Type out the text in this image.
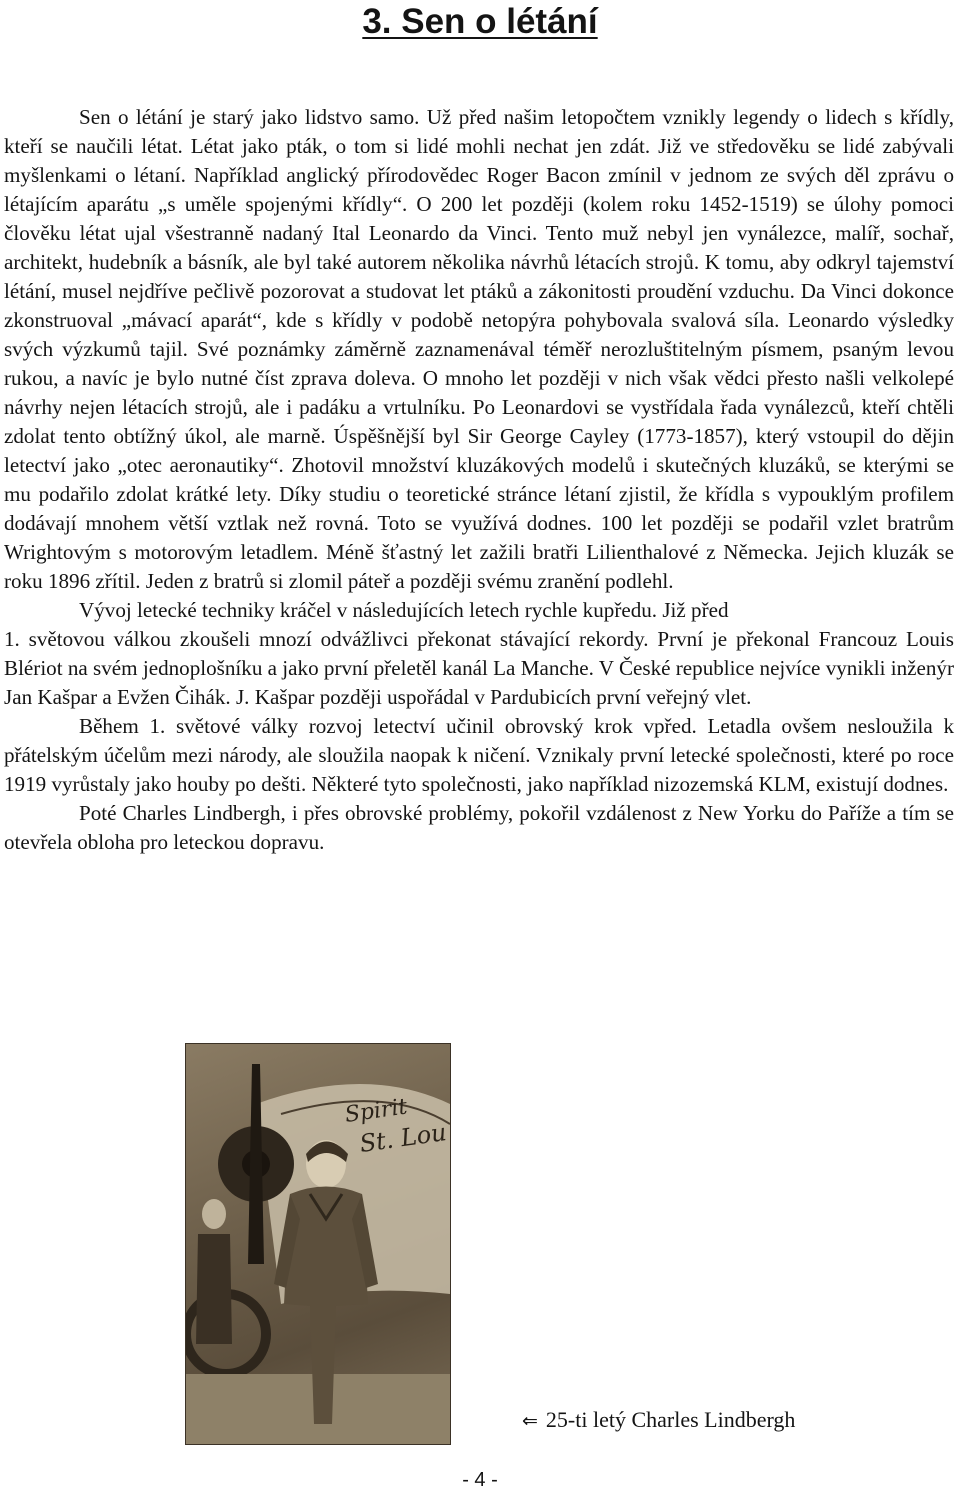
3. Sen o létání

Sen o létání je starý jako lidstvo samo. Už před našim letopočtem vznikly legendy o lidech s křídly, kteří se naučili létat. Létat jako pták, o tom si lidé mohli nechat jen zdát. Již ve středověku se lidé zabývali myšlenkami o létaní. Například anglický přírodovědec Roger Bacon zmínil v jednom ze svých děl zprávu o létajícím aparátu „s uměle spojenými křídly“. O 200 let později (kolem roku 1452-1519) se úlohy pomoci člověku létat ujal všestranně nadaný Ital Leonardo da Vinci. Tento muž nebyl jen vynálezce, malíř, sochař, architekt, hudebník a básník, ale byl také autorem několika návrhů létacích strojů. K tomu, aby odkryl tajemství létání, musel nejdříve pečlivě pozorovat a studovat let ptáků a zákonitosti proudění vzduchu. Da Vinci dokonce zkonstruoval „mávací aparát“, kde s křídly v podobě netopýra pohybovala svalová síla. Leonardo výsledky svých výzkumů tajil. Své poznámky záměrně zaznamenával téměř nerozluštitelným písmem, psaným levou rukou, a navíc je bylo nutné číst zprava doleva. O mnoho let později v nich však vědci přesto našli velkolepé návrhy nejen létacích strojů, ale i padáku a vrtulníku. Po Leonardovi se vystřídala řada vynálezců, kteří chtěli zdolat tento obtížný úkol, ale marně. Úspěšnější byl Sir George Cayley (1773-1857), který vstoupil do dějin letectví jako „otec aeronautiky“. Zhotovil množství kluzákových modelů i skutečných kluzáků, se kterými se mu podařilo zdolat krátké lety. Díky studiu o teoretické stránce létaní zjistil, že křídla s vypouklým profilem dodávají mnohem větší vztlak než rovná. Toto se využívá dodnes. 100 let později se podařil vzlet bratrům Wrightovým s motorovým letadlem. Méně šťastný let zažili bratři Lilienthalové z Německa. Jejich kluzák se roku 1896 zřítil. Jeden z bratrů si zlomil páteř a později svému zranění podlehl.

Vývoj letecké techniky kráčel v následujících letech rychle kupředu. Již před

1. světovou válkou zkoušeli mnozí odvážlivci překonat stávající rekordy. První je překonal Francouz Louis Blériot na svém jednoplošníku a jako první přeletěl kanál La Manche. V České republice nejvíce vynikli inženýr Jan Kašpar a Evžen Čihák. J. Kašpar později uspořádal v Pardubicích první veřejný vlet.

Během 1. světové války rozvoj letectví učinil obrovský krok vpřed. Letadla ovšem nesloužila k přátelským účelům mezi národy, ale sloužila naopak k ničení. Vznikaly první letecké společnosti, které po roce 1919 vyrůstaly jako houby po dešti. Některé tyto společnosti, jako například nizozemská KLM, existují dodnes.

Poté Charles Lindbergh, i přes obrovské problémy, pokořil vzdálenost z New Yorku do Paříže a tím se otevřela obloha pro leteckou dopravu.

Spirit
St. Lou
⇐ 25-ti letý Charles Lindbergh
- 4 -
